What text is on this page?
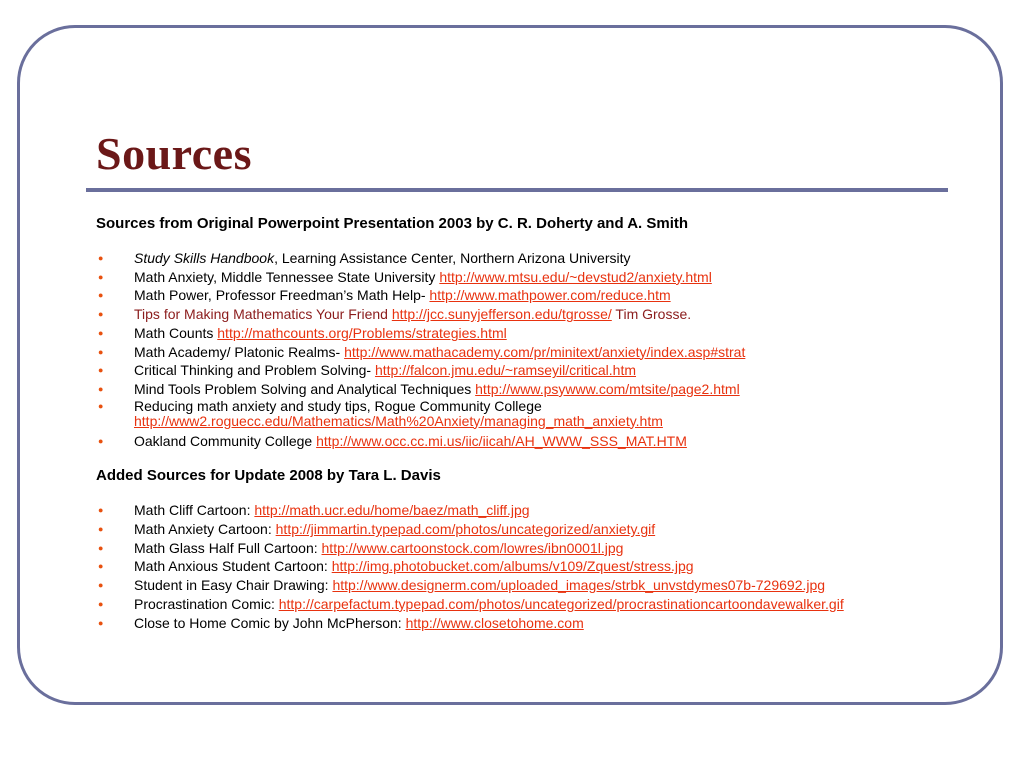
Sources

Sources from Original Powerpoint Presentation 2003 by C. R. Doherty and A. Smith

●
Study Skills Handbook, Learning Assistance Center, Northern Arizona University
●
Math Anxiety, Middle Tennessee State University http://www.mtsu.edu/~devstud2/anxiety.html
●
Math Power, Professor Freedman’s Math Help- http://www.mathpower.com/reduce.htm
●
Tips for Making Mathematics Your Friend http://jcc.sunyjefferson.edu/tgrosse/ Tim Grosse.
●
Math Counts http://mathcounts.org/Problems/strategies.html
●
Math Academy/ Platonic Realms- http://www.mathacademy.com/pr/minitext/anxiety/index.asp#strat
●
Critical Thinking and Problem Solving- http://falcon.jmu.edu/~ramseyil/critical.htm
●
Mind Tools Problem Solving and Analytical Techniques http://www.psywww.com/mtsite/page2.html
●
Reducing math anxiety and study tips, Rogue Community College
http://www2.roguecc.edu/Mathematics/Math%20Anxiety/managing_math_anxiety.htm
●
Oakland Community College http://www.occ.cc.mi.us/iic/iicah/AH_WWW_SSS_MAT.HTM

Added Sources for Update 2008 by Tara L. Davis

●
Math Cliff Cartoon: http://math.ucr.edu/home/baez/math_cliff.jpg
●
Math Anxiety Cartoon: http://jimmartin.typepad.com/photos/uncategorized/anxiety.gif
●
Math Glass Half Full Cartoon: http://www.cartoonstock.com/lowres/ibn0001l.jpg
●
Math Anxious Student Cartoon: http://img.photobucket.com/albums/v109/Zquest/stress.jpg
●
Student in Easy Chair Drawing: http://www.designerm.com/uploaded_images/strbk_unvstdymes07b-729692.jpg
●
Procrastination Comic: http://carpefactum.typepad.com/photos/uncategorized/procrastinationcartoondavewalker.gif
●
Close to Home Comic by John McPherson: http://www.closetohome.com
